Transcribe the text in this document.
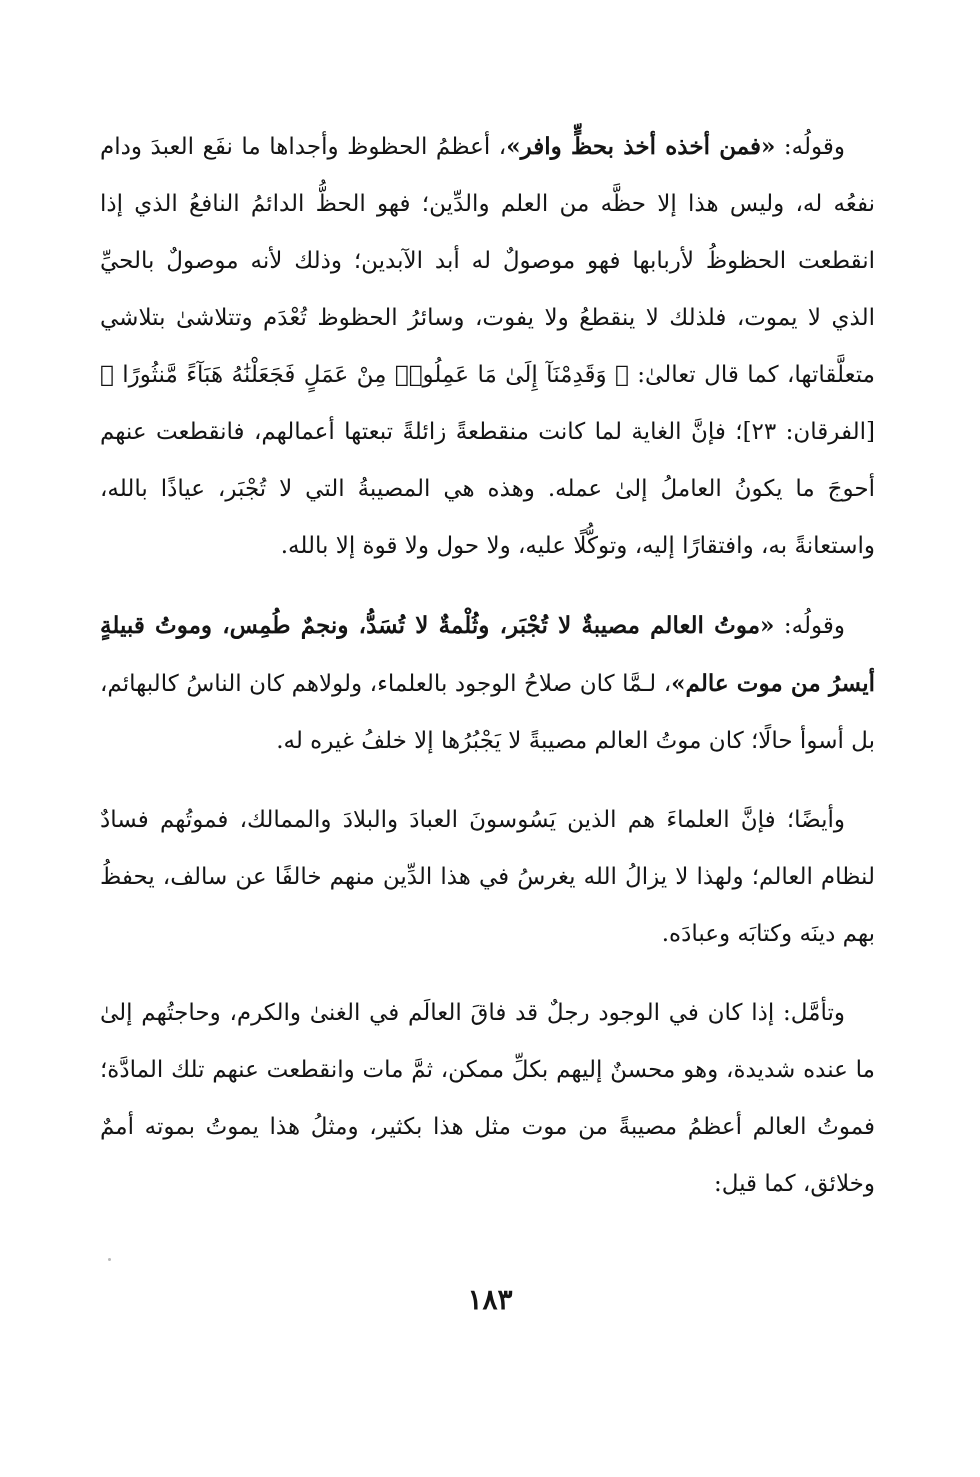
وقولُه: «فمن أخذه أخذ بحظٍّ وافر»، أعظمُ الحظوظ وأجداها ما نفَع العبدَ ودام نفعُه له، وليس هذا إلا حظَّه من العلم والدِّين؛ فهو الحظُّ الدائمُ النافعُ الذي إذا انقطعت الحظوظُ لأربابها فهو موصولٌ له أبد الآبدين؛ وذلك لأنه موصولٌ بالحيِّ الذي لا يموت، فلذلك لا ينقطعُ ولا يفوت، وسائرُ الحظوظ تُعْدَم وتتلاشىٰ بتلاشي متعلَّقاتها، كما قال تعالىٰ: ﴿ وَقَدِمْنَآ إِلَىٰ مَا عَمِلُوا۟ مِنْ عَمَلٍ فَجَعَلْنَٰهُ هَبَآءً مَّنثُورًا ﴾ [الفرقان: ٢٣]؛ فإنَّ الغاية لما كانت منقطعةً زائلةً تبعتها أعمالهم، فانقطعت عنهم أحوجَ ما يكونُ العاملُ إلىٰ عمله. وهذه هي المصيبةُ التي لا تُجْبَر، عياذًا بالله، واستعانةً به، وافتقارًا إليه، وتوكُّلًا عليه، ولا حول ولا قوة إلا بالله.

وقولُه: «موتُ العالم مصيبةٌ لا تُجْبَر، وثُلْمةٌ لا تُسَدُّ، ونجمٌ طُمِس، وموتُ قبيلةٍ أيسرُ من موت عالم»، لـمَّا كان صلاحُ الوجود بالعلماء، ولولاهم كان الناسُ كالبهائم، بل أسوأ حالًا؛ كان موتُ العالم مصيبةً لا يَجْبُرُها إلا خلفُ غيره له.

وأيضًا؛ فإنَّ العلماءَ هم الذين يَسُوسونَ العبادَ والبلادَ والممالك، فموتُهم فسادٌ لنظام العالم؛ ولهذا لا يزالُ الله يغرسُ في هذا الدِّين منهم خالفًا عن سالف، يحفظُ بهم دينَه وكتابَه وعبادَه.

وتأمَّل: إذا كان في الوجود رجلٌ قد فاقَ العالَم في الغنىٰ والكرم، وحاجتُهم إلىٰ ما عنده شديدة، وهو محسنٌ إليهم بكلِّ ممكن، ثمَّ مات وانقطعت عنهم تلك المادَّة؛ فموتُ العالم أعظمُ مصيبةً من موت مثل هذا بكثير، ومثلُ هذا يموتُ بموته أممٌ وخلائق، كما قيل:

١٨٣
